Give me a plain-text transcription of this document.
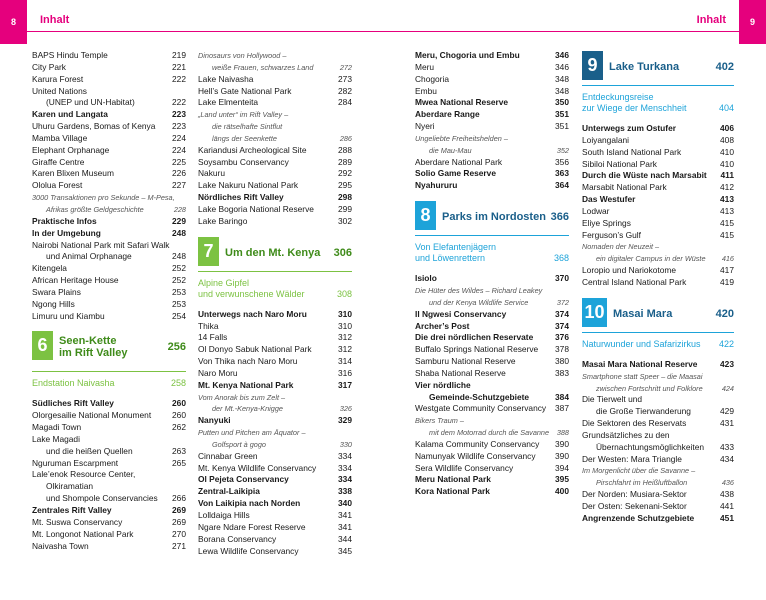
8	Inhalt
BAPS Hindu Temple	219
City Park	221
Karura Forest	222
United Nations
(UNEP und UN-Habitat)	222
Karen und Langata	223
Uhuru Gardens, Bomas of Kenya 223
Mamba Village	224
Elephant Orphanage	224
Giraffe Centre	225
Karen Blixen Museum	226
Ololua Forest	227
3000 Transaktionen pro Sekunde – M-Pesa,
Afrikas größte Geldgeschichte	228
Praktische Infos	229
In der Umgebung	248
Nairobi National Park mit Safari Walk
und Animal Orphanage	248
Kitengela	252
African Heritage House	252
Swara Plains	253
Ngong Hills	253
Limuru und Kiambu	254
6	Seen-Kette
im Rift Valley	256
Endstation Naivasha	258
Südliches Rift Valley	260
Olorgesailie National Monument 260
Magadi Town	262
Lake Magadi
und die heißen Quellen	263
Nguruman Escarpment	265
Lale’enok Resource Center,
Olkiramatian
und Shompole Conservancies 266
Zentrales Rift Valley	269
Mt. Suswa Conservancy	269
Mt. Longonot National Park	270
Naivasha Town	271
Dinosaurs von Hollywood –
weiße Frauen, schwarzes Land	272
Lake Naivasha	273
Hell’s Gate National Park	282
Lake Elmenteita	284
„Land unter“ im Rift Valley –
die rätselhafte Sintflut
längs der Seenkette	286
Kariandusi Archeological Site	288
Soysambu Conservancy	289
Nakuru	292
Lake Nakuru National Park	295
Nördliches Rift Valley	298
Lake Bogoria National Reserve	299
Lake Baringo	302
7	Um den Mt. Kenya 306
Alpine Gipfel
und verwunschene Wälder	308
Unterwegs nach Naro Moru	310
Thika	310
14 Falls	312
Ol Donyo Sabuk National Park	312
Von Thika nach Naro Moru	314
Naro Moru	316
Mt. Kenya National Park	317
Vom Anorak bis zum Zelt –
der Mt.-Kenya-Knigge	326
Nanyuki	329
Putten und Pitchen am Äquator –
Golfsport à gogo	330
Cinnabar Green	334
Mt. Kenya Wildlife Conservancy	334
Ol Pejeta Conservancy	334
Zentral-Laikipia	338
Von Laikipia nach Norden	340
Lolldaiga Hills	341
Ngare Ndare Forest Reserve	341
Borana Conservancy	344
Lewa Wildlife Conservancy	345
9
Inhalt
Meru, Chogoria und Embu	346
Meru	346
Chogoria	348
Embu	348
Mwea National Reserve	350
Aberdare Range	351
Nyeri	351
Ungeliebte Freiheitshelden –
die Mau-Mau	352
Aberdare National Park	356
Solio Game Reserve	363
Nyahururu	364
8	Parks im Nordosten 366
Von Elefantenjägern
und Löwenrettern	368
Isiolo	370
Die Hüter des Wildes – Richard Leakey
und der Kenya Wildlife Service	372
Il Ngwesi Conservancy	374
Archer’s Post	374
Die drei nördlichen Reservate	376
Buffalo Springs National Reserve 378
Samburu National Reserve	380
Shaba National Reserve	383
Vier nördliche
Gemeinde-Schutzgebiete	384
Westgate Community Conservancy 387
Bikers Traum –
mit dem Motorrad durch die Savanne 388
Kalama Community Conservancy 390
Namunyak Wildlife Conservancy 390
Sera Wildlife Conservancy	394
Meru National Park	395
Kora National Park	400
9	Lake Turkana	402
Entdeckungsreise
zur Wiege der Menschheit	404
Unterwegs zum Ostufer	406
Loiyangalani	408
South Island National Park	410
Sibiloi National Park	410
Durch die Wüste nach Marsabit 411
Marsabit National Park	412
Das Westufer	413
Lodwar	413
Eliye Springs	415
Ferguson’s Gulf	415
Nomaden der Neuzeit –
ein digitaler Campus in der Wüste 416
Loropio und Nariokotome	417
Central Island National Park	419
10 Masai Mara	420
Naturwunder und Safarizirkus 422
Masai Mara National Reserve	423
Smartphone statt Speer – die Maasai
zwischen Fortschritt und Folklore	424
Die Tierwelt und
die Große Tierwanderung	429
Die Sektoren des Reservats	431
Grundsätzliches zu den
Übernachtungsmöglichkeiten 433
Der Westen: Mara Triangle	434
Im Morgenlicht über die Savanne –
Pirschfahrt im Heißluftballon	436
Der Norden: Musiara-Sektor	438
Der Osten: Sekenani-Sektor	441
Angrenzende Schutzgebiete	451
